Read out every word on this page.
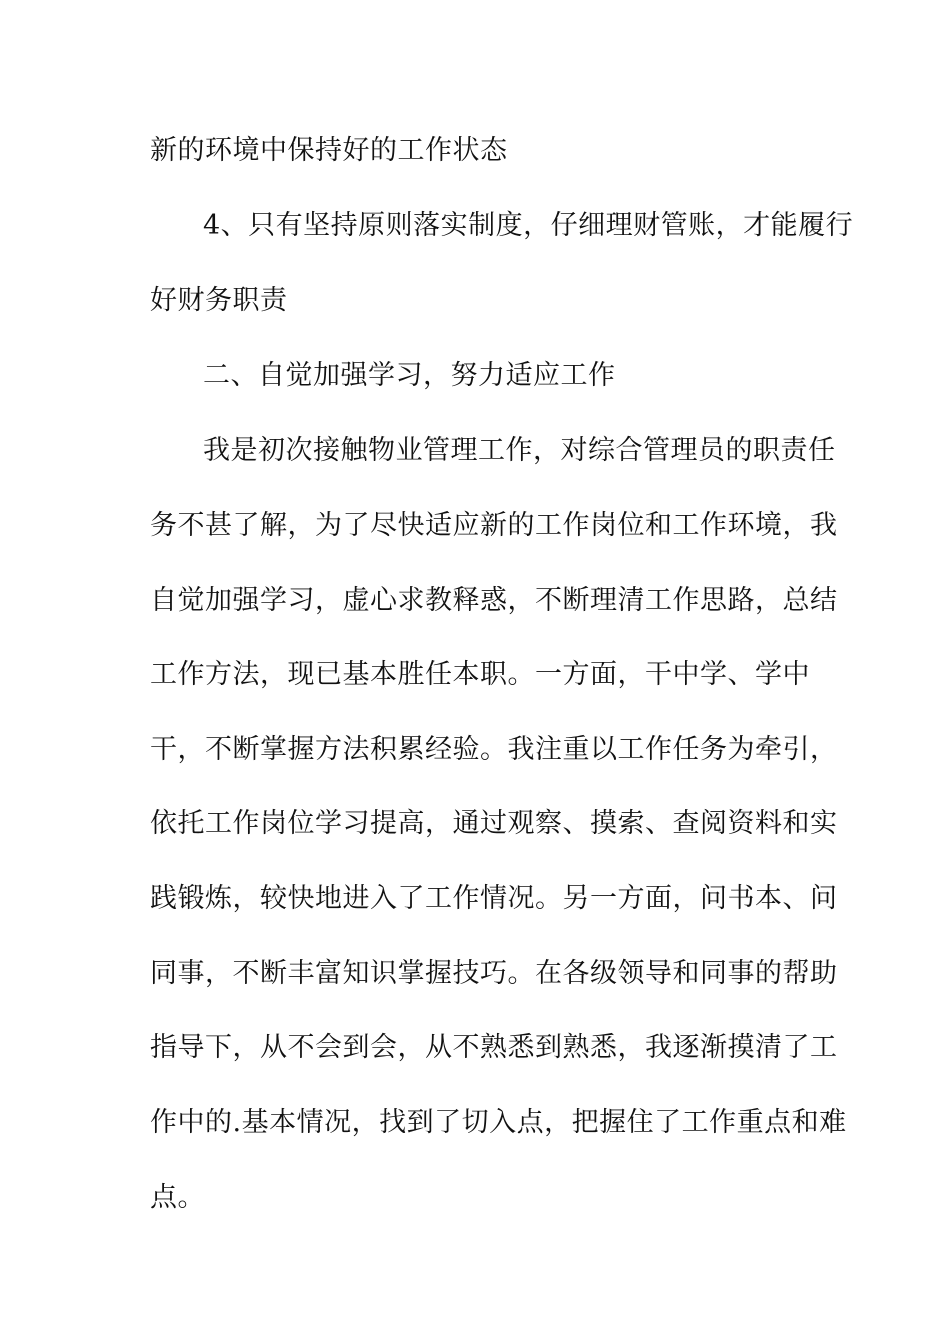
新的环境中保持好的工作状态
4、只有坚持原则落实制度，仔细理财管账，才能履行
好财务职责
二、自觉加强学习，努力适应工作
我是初次接触物业管理工作，对综合管理员的职责任
务不甚了解，为了尽快适应新的工作岗位和工作环境，我
自觉加强学习，虚心求教释惑，不断理清工作思路，总结
工作方法，现已基本胜任本职。一方面，干中学、学中
干，不断掌握方法积累经验。我注重以工作任务为牵引，
依托工作岗位学习提高，通过观察、摸索、查阅资料和实
践锻炼，较快地进入了工作情况。另一方面，问书本、问
同事，不断丰富知识掌握技巧。在各级领导和同事的帮助
指导下，从不会到会，从不熟悉到熟悉，我逐渐摸清了工
作中的.基本情况，找到了切入点，把握住了工作重点和难
点。
